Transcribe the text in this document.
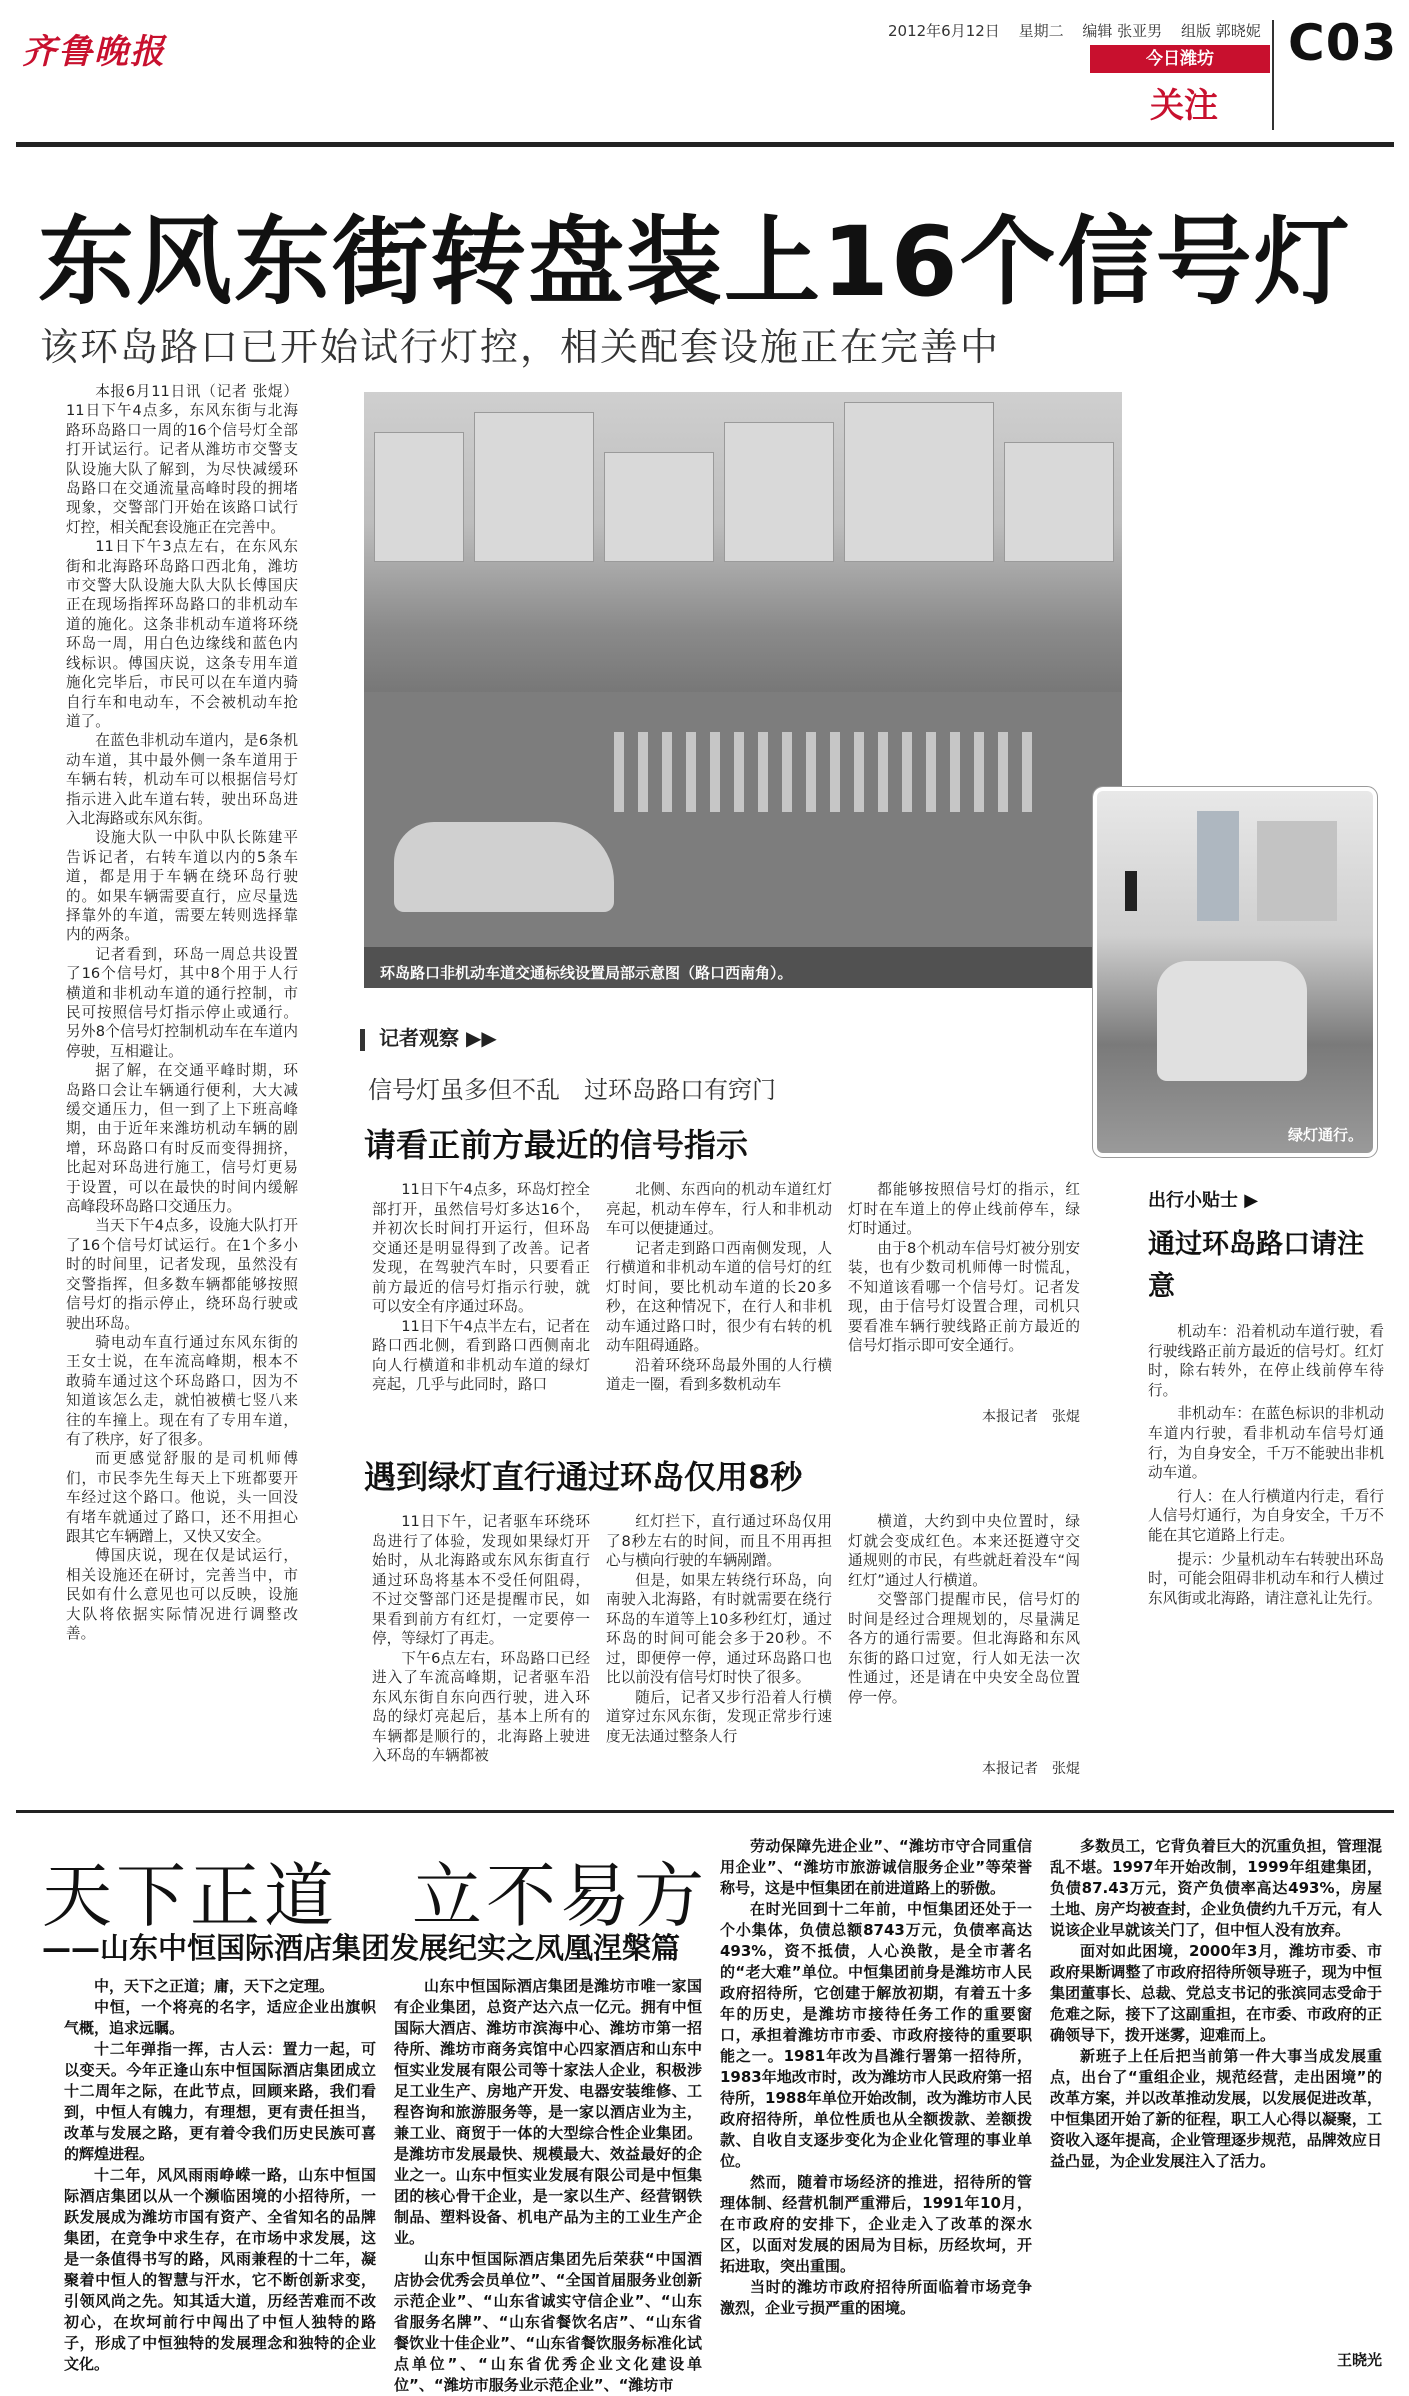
齐鲁晚报
2012年6月12日 星期二 编辑 张亚男 组版 郭晓妮
今日潍坊
关注
C03
东风东街转盘装上16个信号灯
该环岛路口已开始试行灯控，相关配套设施正在完善中

本报6月11日讯（记者 张焜）11日下午4点多，东风东街与北海路环岛路口一周的16个信号灯全部打开试运行。记者从潍坊市交警支队设施大队了解到，为尽快减缓环岛路口在交通流量高峰时段的拥堵现象，交警部门开始在该路口试行灯控，相关配套设施正在完善中。

11日下午3点左右，在东风东街和北海路环岛路口西北角，潍坊市交警大队设施大队大队长傅国庆正在现场指挥环岛路口的非机动车道的施化。这条非机动车道将环绕环岛一周，用白色边缘线和蓝色内线标识。傅国庆说，这条专用车道施化完毕后，市民可以在车道内骑自行车和电动车，不会被机动车抢道了。

在蓝色非机动车道内，是6条机动车道，其中最外侧一条车道用于车辆右转，机动车可以根据信号灯指示进入此车道右转，驶出环岛进入北海路或东风东街。

设施大队一中队中队长陈建平告诉记者，右转车道以内的5条车道，都是用于车辆在绕环岛行驶的。如果车辆需要直行，应尽量选择靠外的车道，需要左转则选择靠内的两条。

记者看到，环岛一周总共设置了16个信号灯，其中8个用于人行横道和非机动车道的通行控制，市民可按照信号灯指示停止或通行。另外8个信号灯控制机动车在车道内停驶，互相避让。

据了解，在交通平峰时期，环岛路口会让车辆通行便利，大大减缓交通压力，但一到了上下班高峰期，由于近年来潍坊机动车辆的剧增，环岛路口有时反而变得拥挤，比起对环岛进行施工，信号灯更易于设置，可以在最快的时间内缓解高峰段环岛路口交通压力。

当天下午4点多，设施大队打开了16个信号灯试运行。在1个多小时的时间里，记者发现，虽然没有交警指挥，但多数车辆都能够按照信号灯的指示停止，绕环岛行驶或驶出环岛。

骑电动车直行通过东风东街的王女士说，在车流高峰期，根本不敢骑车通过这个环岛路口，因为不知道该怎么走，就怕被横七竖八来往的车撞上。现在有了专用车道，有了秩序，好了很多。

而更感觉舒服的是司机师傅们，市民李先生每天上下班都要开车经过这个路口。他说，头一回没有堵车就通过了路口，还不用担心跟其它车辆蹭上，又快又安全。

傅国庆说，现在仅是试运行，相关设施还在研讨，完善当中，市民如有什么意见也可以反映，设施大队将依据实际情况进行调整改善。

环岛路口非机动车道交通标线设置局部示意图（路口西南角）。
绿灯通行。
记者观察 ▶▶
信号灯虽多但不乱　过环岛路口有窍门
请看正前方最近的信号指示

11日下午4点多，环岛灯控全部打开，虽然信号灯多达16个，并初次长时间打开运行，但环岛交通还是明显得到了改善。记者发现，在驾驶汽车时，只要看正前方最近的信号灯指示行驶，就可以安全有序通过环岛。

11日下午4点半左右，记者在路口西北侧，看到路口西侧南北向人行横道和非机动车道的绿灯亮起，几乎与此同时，路口

北侧、东西向的机动车道红灯亮起，机动车停车，行人和非机动车可以便捷通过。

记者走到路口西南侧发现，人行横道和非机动车道的信号灯的红灯时间，要比机动车道的长20多秒，在这种情况下，在行人和非机动车通过路口时，很少有右转的机动车阻碍通路。

沿着环绕环岛最外围的人行横道走一圈，看到多数机动车

都能够按照信号灯的指示，红灯时在车道上的停止线前停车，绿灯时通过。

由于8个机动车信号灯被分别安装，也有少数司机师傅一时慌乱，不知道该看哪一个信号灯。记者发现，由于信号灯设置合理，司机只要看准车辆行驶线路正前方最近的信号灯指示即可安全通行。

本报记者　张焜
遇到绿灯直行通过环岛仅用8秒

11日下午，记者驱车环绕环岛进行了体验，发现如果绿灯开始时，从北海路或东风东街直行通过环岛将基本不受任何阻碍，不过交警部门还是提醒市民，如果看到前方有红灯，一定要停一停，等绿灯了再走。

下午6点左右，环岛路口已经进入了车流高峰期，记者驱车沿东风东街自东向西行驶，进入环岛的绿灯亮起后，基本上所有的车辆都是顺行的，北海路上驶进入环岛的车辆都被

红灯拦下，直行通过环岛仅用了8秒左右的时间，而且不用再担心与横向行驶的车辆剐蹭。

但是，如果左转绕行环岛，向南驶入北海路，有时就需要在绕行环岛的车道等上10多秒红灯，通过环岛的时间可能会多于20秒。不过，即便停一停，通过环岛路口也比以前没有信号灯时快了很多。

随后，记者又步行沿着人行横道穿过东风东街，发现正常步行速度无法通过整条人行

横道，大约到中央位置时，绿灯就会变成红色。本来还挺遵守交通规则的市民，有些就赶着没车“闯红灯”通过人行横道。

交警部门提醒市民，信号灯的时间是经过合理规划的，尽量满足各方的通行需要。但北海路和东风东街的路口过宽，行人如无法一次性通过，还是请在中央安全岛位置停一停。

本报记者　张焜
出行小贴士 ▶
通过环岛路口请注意

机动车：沿着机动车道行驶，看行驶线路正前方最近的信号灯。红灯时，除右转外，在停止线前停车待行。

非机动车：在蓝色标识的非机动车道内行驶，看非机动车信号灯通行，为自身安全，千万不能驶出非机动车道。

行人：在人行横道内行走，看行人信号灯通行，为自身安全，千万不能在其它道路上行走。

提示：少量机动车右转驶出环岛时，可能会阻碍非机动车和行人横过东风街或北海路，请注意礼让先行。

天下正道　立不易方
——山东中恒国际酒店集团发展纪实之凤凰涅槃篇

中，天下之正道；庸，天下之定理。

中恒，一个将亮的名字，适应企业出旗帜气概，追求远瞩。

十二年弹指一挥，古人云：置力一起，可以变天。今年正逢山东中恒国际酒店集团成立十二周年之际，在此节点，回顾来路，我们看到，中恒人有魄力，有理想，更有责任担当，改革与发展之路，更有着令我们历史民族可喜的辉煌进程。

十二年，风风雨雨峥嵘一路，山东中恒国际酒店集团以从一个濒临困境的小招待所，一跃发展成为潍坊市国有资产、全省知名的品牌集团，在竞争中求生存，在市场中求发展，这是一条值得书写的路，风雨兼程的十二年，凝聚着中恒人的智慧与汗水，它不断创新求变，引领风尚之先。知其适大道，历经苦难而不改初心，在坎坷前行中闯出了中恒人独特的路子，形成了中恒独特的发展理念和独特的企业文化。

山东中恒国际酒店集团是潍坊市唯一家国有企业集团，总资产达六点一亿元。拥有中恒国际大酒店、潍坊市滨海中心、潍坊市第一招待所、潍坊市商务宾馆中心四家酒店和山东中恒实业发展有限公司等十家法人企业，积极涉足工业生产、房地产开发、电器安装维修、工程咨询和旅游服务等，是一家以酒店业为主，兼工业、商贸于一体的大型综合性企业集团。是潍坊市发展最快、规模最大、效益最好的企业之一。山东中恒实业发展有限公司是中恒集团的核心骨干企业，是一家以生产、经营钢铁制品、塑料设备、机电产品为主的工业生产企业。

山东中恒国际酒店集团先后荣获“中国酒店协会优秀会员单位”、“全国首届服务业创新示范企业”、“山东省诚实守信企业”、“山东省服务名牌”、“山东省餐饮名店”、“山东省餐饮业十佳企业”、“山东省餐饮服务标准化试点单位”、“山东省优秀企业文化建设单位”、“潍坊市服务业示范企业”、“潍坊市

劳动保障先进企业”、“潍坊市守合同重信用企业”、“潍坊市旅游诚信服务企业”等荣誉称号，这是中恒集团在前进道路上的骄傲。

在时光回到十二年前，中恒集团还处于一个小集体，负债总额8743万元，负债率高达493%，资不抵债，人心涣散，是全市著名的“老大难”单位。中恒集团前身是潍坊市人民政府招待所，它创建于解放初期，有着五十多年的历史，是潍坊市接待任务工作的重要窗口，承担着潍坊市市委、市政府接待的重要职能之一。1981年改为昌潍行署第一招待所，1983年地改市时，改为潍坊市人民政府第一招待所，1988年单位开始改制，改为潍坊市人民政府招待所，单位性质也从全额拨款、差额拨款、自收自支逐步变化为企业化管理的事业单位。

然而，随着市场经济的推进，招待所的管理体制、经营机制严重滞后，1991年10月，在市政府的安排下，企业走入了改革的深水区，以面对发展的困局为目标，历经坎坷，开拓进取，突出重围。

当时的潍坊市政府招待所面临着市场竞争激烈，企业亏损严重的困境。

多数员工，它背负着巨大的沉重负担，管理混乱不堪。1997年开始改制，1999年组建集团，负债87.43万元，资产负债率高达493%，房屋土地、房产均被查封，企业负债约九千万元，有人说该企业早就该关门了，但中恒人没有放弃。

面对如此困境，2000年3月，潍坊市委、市政府果断调整了市政府招待所领导班子，现为中恒集团董事长、总裁、党总支书记的张滨同志受命于危难之际，接下了这副重担，在市委、市政府的正确领导下，拨开迷雾，迎难而上。

新班子上任后把当前第一件大事当成发展重点，出台了“重组企业，规范经营，走出困境”的改革方案，并以改革推动发展，以发展促进改革，中恒集团开始了新的征程，职工人心得以凝聚，工资收入逐年提高，企业管理逐步规范，品牌效应日益凸显，为企业发展注入了活力。

王晓光
